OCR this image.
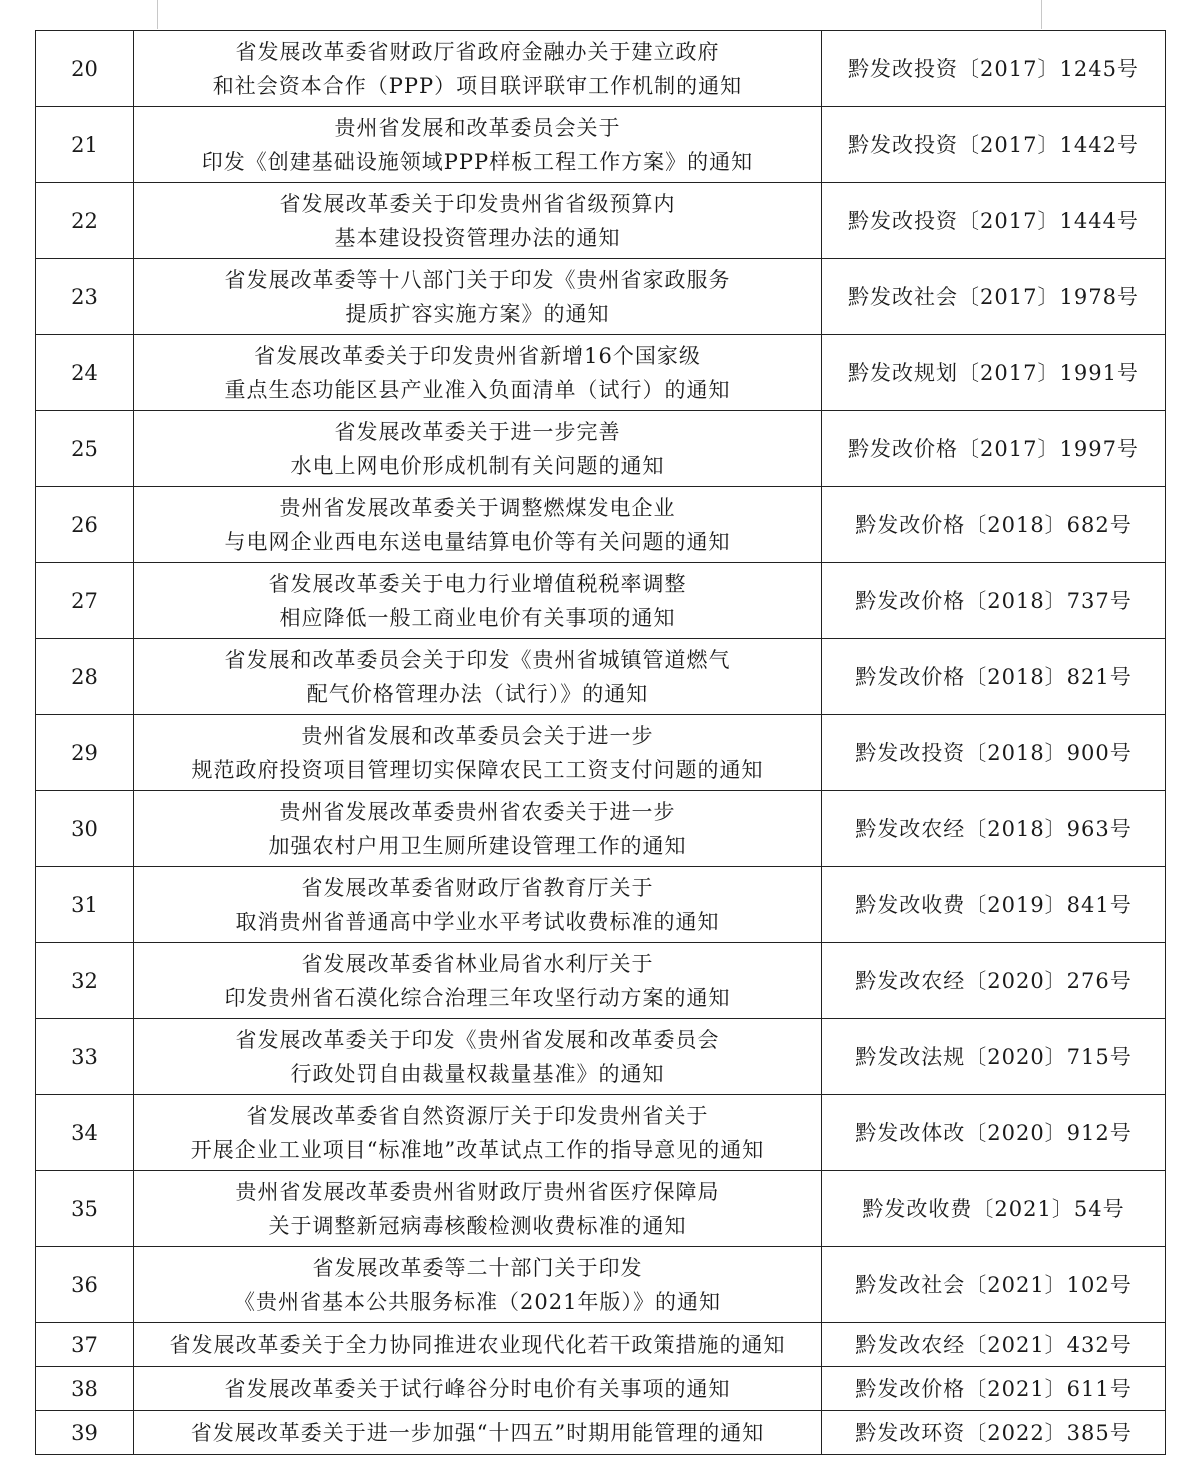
20	省发展改革委省财政厅省政府金融办关于建立政府
和社会资本合作（PPP）项目联评联审工作机制的通知	黔发改投资〔2017〕1245号
21	贵州省发展和改革委员会关于
印发《创建基础设施领域PPP样板工程工作方案》的通知	黔发改投资〔2017〕1442号
22	省发展改革委关于印发贵州省省级预算内
基本建设投资管理办法的通知	黔发改投资〔2017〕1444号
23	省发展改革委等十八部门关于印发《贵州省家政服务
提质扩容实施方案》的通知	黔发改社会〔2017〕1978号
24	省发展改革委关于印发贵州省新增16个国家级
重点生态功能区县产业准入负面清单（试行）的通知	黔发改规划〔2017〕1991号
25	省发展改革委关于进一步完善
水电上网电价形成机制有关问题的通知	黔发改价格〔2017〕1997号
26	贵州省发展改革委关于调整燃煤发电企业
与电网企业西电东送电量结算电价等有关问题的通知	黔发改价格〔2018〕682号
27	省发展改革委关于电力行业增值税税率调整
相应降低一般工商业电价有关事项的通知	黔发改价格〔2018〕737号
28	省发展和改革委员会关于印发《贵州省城镇管道燃气
配气价格管理办法（试行）》的通知	黔发改价格〔2018〕821号
29	贵州省发展和改革委员会关于进一步
规范政府投资项目管理切实保障农民工工资支付问题的通知	黔发改投资〔2018〕900号
30	贵州省发展改革委贵州省农委关于进一步
加强农村户用卫生厕所建设管理工作的通知	黔发改农经〔2018〕963号
31	省发展改革委省财政厅省教育厅关于
取消贵州省普通高中学业水平考试收费标准的通知	黔发改收费〔2019〕841号
32	省发展改革委省林业局省水利厅关于
印发贵州省石漠化综合治理三年攻坚行动方案的通知	黔发改农经〔2020〕276号
33	省发展改革委关于印发《贵州省发展和改革委员会
行政处罚自由裁量权裁量基准》的通知	黔发改法规〔2020〕715号
34	省发展改革委省自然资源厅关于印发贵州省关于
开展企业工业项目“标准地”改革试点工作的指导意见的通知	黔发改体改〔2020〕912号
35	贵州省发展改革委贵州省财政厅贵州省医疗保障局
关于调整新冠病毒核酸检测收费标准的通知	黔发改收费〔2021〕54号
36	省发展改革委等二十部门关于印发
《贵州省基本公共服务标准（2021年版）》的通知	黔发改社会〔2021〕102号
37	省发展改革委关于全力协同推进农业现代化若干政策措施的通知	黔发改农经〔2021〕432号
38	省发展改革委关于试行峰谷分时电价有关事项的通知	黔发改价格〔2021〕611号
39	省发展改革委关于进一步加强“十四五”时期用能管理的通知	黔发改环资〔2022〕385号
